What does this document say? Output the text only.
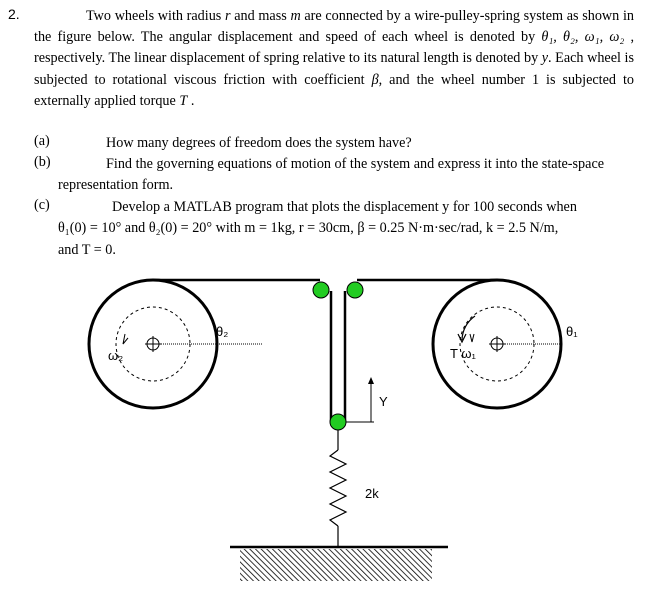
2.	Two wheels with radius r and mass m are connected by a wire-pulley-spring system as shown in the figure below. The angular displacement and speed of each wheel is denoted by θ₁, θ₂, ω₁, ω₂ , respectively. The linear displacement of spring relative to its natural length is denoted by y. Each wheel is subjected to rotational viscous friction with coefficient β, and the wheel number 1 is subjected to externally applied torque T .
(a)	How many degrees of freedom does the system have?
(b)	Find the governing equations of motion of the system and express it into the state-space
representation form.
(c)	Develop a MATLAB program that plots the displacement y for 100 seconds when
θ₁(0) = 10° and θ₂(0) = 20° with m = 1kg, r = 30cm, β = 0.25 N·m·sec/rad, k = 2.5 N/m,
and T = 0.
θ₂
ω₂
θ₁
T ω₁
Y
2k
